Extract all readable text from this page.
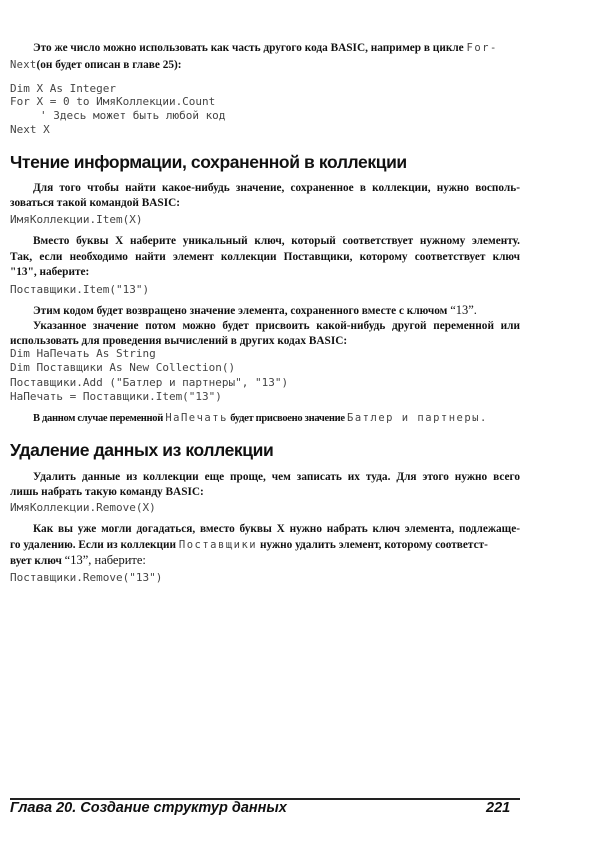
Это же число можно использовать как часть другого кода BASIC, например в цикле For-
Next(он будет описан в главе 25):
Dim X As Integer
For X = 0 to ИмяКоллекции.Count
' Здесь может быть любой код
Next X
Чтение информации, сохраненной в коллекции
Для того чтобы найти какое-нибудь значение, сохраненное в коллекции, нужно восполь-
зоваться такой командой BASIC:
ИмяКоллекции.Item(X)
Вместо буквы X наберите уникальный ключ, который соответствует нужному элементу.
Так, если необходимо найти элемент коллекции Поставщики, которому соответствует ключ
"13", наберите:
Поставщики.Item("13")
Этим кодом будет возвращено значение элемента, сохраненного вместе с ключом “13”.
Указанное значение потом можно будет присвоить какой-нибудь другой переменной или
использовать для проведения вычислений в других кодах BASIC:
Dim НаПечать As String
Dim Поставщики As New Collection()
Поставщики.Add ("Батлер и партнеры", "13")
НаПечать = Поставщики.Item("13")
В данном случае переменной НаПечать будет присвоено значение Батлер и партнеры.
Удаление данных из коллекции
Удалить данные из коллекции еще проще, чем записать их туда. Для этого нужно всего
лишь набрать такую команду BASIC:
ИмяКоллекции.Remove(X)
Как вы уже могли догадаться, вместо буквы X нужно набрать ключ элемента, подлежаще-
го удалению. Если из коллекции Поставщики нужно удалить элемент, которому соответст-
вует ключ “13”, наберите:
Поставщики.Remove("13")
Глава 20. Создание структур данных	221
